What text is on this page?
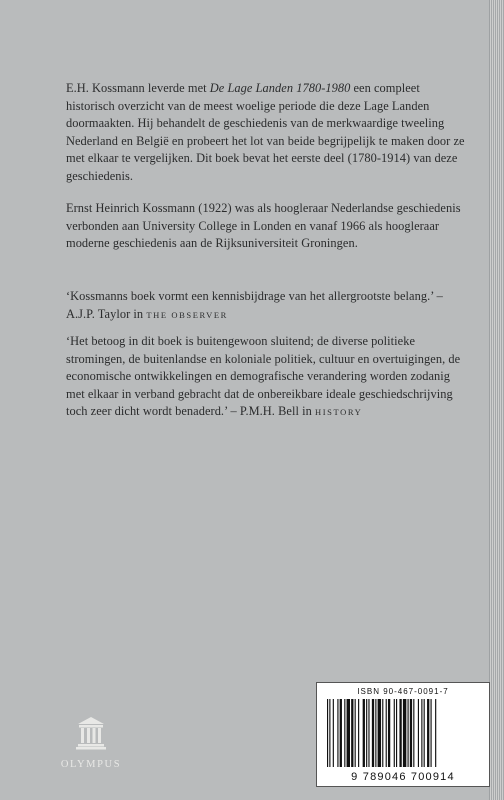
E.H. Kossmann leverde met De Lage Landen 1780-1980 een compleet historisch overzicht van de meest woelige periode die deze Lage Landen doormaakten. Hij behandelt de geschiedenis van de merkwaardige tweeling Nederland en België en probeert het lot van beide begrijpelijk te maken door ze met elkaar te vergelijken. Dit boek bevat het eerste deel (1780-1914) van deze geschiedenis.

Ernst Heinrich Kossmann (1922) was als hoogleraar Nederlandse geschiedenis verbonden aan University College in Londen en vanaf 1966 als hoogleraar moderne geschiedenis aan de Rijksuniversiteit Groningen.

‘Kossmanns boek vormt een kennisbijdrage van het allergrootste belang.’ – A.J.P. Taylor in THE OBSERVER

‘Het betoog in dit boek is buitengewoon sluitend; de diverse politieke stromingen, de buitenlandse en koloniale politiek, cultuur en overtuigingen, de economische ontwikkelingen en demografische verandering worden zodanig met elkaar in verband gebracht dat de onbereikbare ideale geschiedschrijving toch zeer dicht wordt benaderd.’ – P.M.H. Bell in HISTORY

OLYMPUS
ISBN 90-467-0091-7
9 789046 700914
